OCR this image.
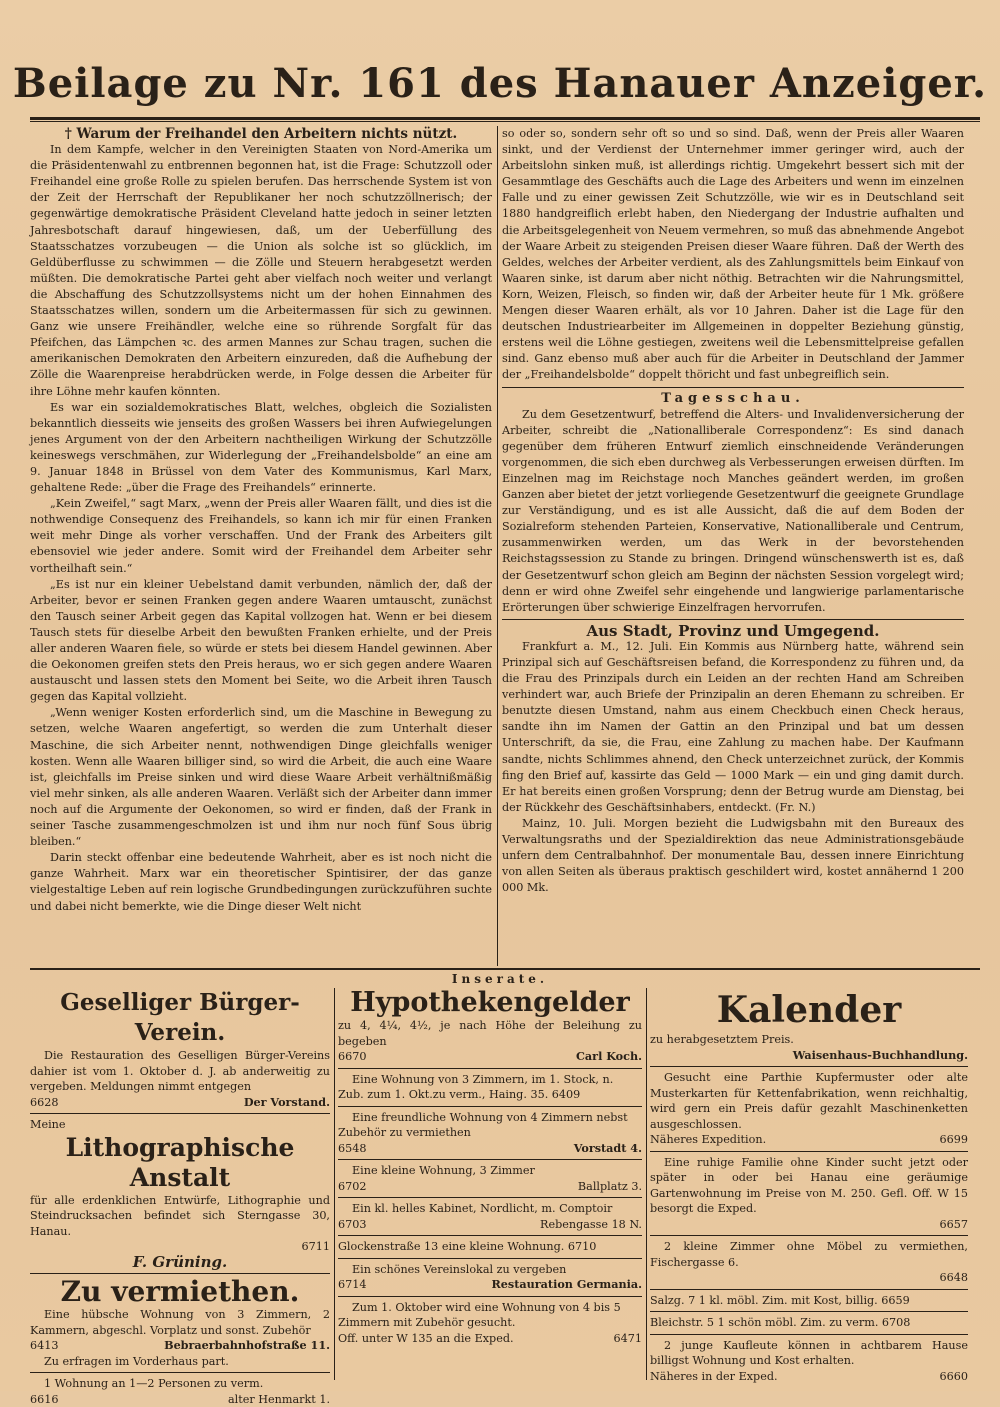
Beilage zu Nr. 161 des Hanauer Anzeiger.

† Warum der Freihandel den Arbeitern nichts nützt.

In dem Kampfe, welcher in den Vereinigten Staaten von Nord-Amerika um die Präsidentenwahl zu entbrennen begonnen hat, ist die Frage: Schutzzoll oder Freihandel eine große Rolle zu spielen berufen. Das herrschende System ist von der Zeit der Herrschaft der Republikaner her noch schutzzöllnerisch; der gegenwärtige demokratische Präsident Cleveland hatte jedoch in seiner letzten Jahresbotschaft darauf hingewiesen, daß, um der Ueberfüllung des Staatsschatzes vorzubeugen — die Union als solche ist so glücklich, im Geldüberflusse zu schwimmen — die Zölle und Steuern herabgesetzt werden müßten. Die demokratische Partei geht aber vielfach noch weiter und verlangt die Abschaffung des Schutzzollsystems nicht um der hohen Einnahmen des Staatsschatzes willen, sondern um die Arbeitermassen für sich zu gewinnen. Ganz wie unsere Freihändler, welche eine so rührende Sorgfalt für das Pfeifchen, das Lämpchen ꝛc. des armen Mannes zur Schau tragen, suchen die amerikanischen Demokraten den Arbeitern einzureden, daß die Aufhebung der Zölle die Waarenpreise herabdrücken werde, in Folge dessen die Arbeiter für ihre Löhne mehr kaufen könnten.

Es war ein sozialdemokratisches Blatt, welches, obgleich die Sozialisten bekanntlich diesseits wie jenseits des großen Wassers bei ihren Aufwiegelungen jenes Argument von der den Arbeitern nachtheiligen Wirkung der Schutzzölle keineswegs verschmähen, zur Widerlegung der „Freihandelsbolde“ an eine am 9. Januar 1848 in Brüssel von dem Vater des Kommunismus, Karl Marx, gehaltene Rede: „über die Frage des Freihandels“ erinnerte.

„Kein Zweifel,“ sagt Marx, „wenn der Preis aller Waaren fällt, und dies ist die nothwendige Consequenz des Freihandels, so kann ich mir für einen Franken weit mehr Dinge als vorher verschaffen. Und der Frank des Arbeiters gilt ebensoviel wie jeder andere. Somit wird der Freihandel dem Arbeiter sehr vortheilhaft sein.“

„Es ist nur ein kleiner Uebelstand damit verbunden, nämlich der, daß der Arbeiter, bevor er seinen Franken gegen andere Waaren umtauscht, zunächst den Tausch seiner Arbeit gegen das Kapital vollzogen hat. Wenn er bei diesem Tausch stets für dieselbe Arbeit den bewußten Franken erhielte, und der Preis aller anderen Waaren fiele, so würde er stets bei diesem Handel gewinnen. Aber die Oekonomen greifen stets den Preis heraus, wo er sich gegen andere Waaren austauscht und lassen stets den Moment bei Seite, wo die Arbeit ihren Tausch gegen das Kapital vollzieht.

„Wenn weniger Kosten erforderlich sind, um die Maschine in Bewegung zu setzen, welche Waaren angefertigt, so werden die zum Unterhalt dieser Maschine, die sich Arbeiter nennt, nothwendigen Dinge gleichfalls weniger kosten. Wenn alle Waaren billiger sind, so wird die Arbeit, die auch eine Waare ist, gleichfalls im Preise sinken und wird diese Waare Arbeit verhältnißmäßig viel mehr sinken, als alle anderen Waaren. Verläßt sich der Arbeiter dann immer noch auf die Argumente der Oekonomen, so wird er finden, daß der Frank in seiner Tasche zusammengeschmolzen ist und ihm nur noch fünf Sous übrig bleiben.“

Darin steckt offenbar eine bedeutende Wahrheit, aber es ist noch nicht die ganze Wahrheit. Marx war ein theoretischer Spintisirer, der das ganze vielgestaltige Leben auf rein logische Grundbedingungen zurückzuführen suchte und dabei nicht bemerkte, wie die Dinge dieser Welt nicht

so oder so, sondern sehr oft so und so sind. Daß, wenn der Preis aller Waaren sinkt, und der Verdienst der Unternehmer immer geringer wird, auch der Arbeitslohn sinken muß, ist allerdings richtig. Umgekehrt bessert sich mit der Gesammtlage des Geschäfts auch die Lage des Arbeiters und wenn im einzelnen Falle und zu einer gewissen Zeit Schutzzölle, wie wir es in Deutschland seit 1880 handgreiflich erlebt haben, den Niedergang der Industrie aufhalten und die Arbeitsgelegenheit von Neuem vermehren, so muß das abnehmende Angebot der Waare Arbeit zu steigenden Preisen dieser Waare führen. Daß der Werth des Geldes, welches der Arbeiter verdient, als des Zahlungsmittels beim Einkauf von Waaren sinke, ist darum aber nicht nöthig. Betrachten wir die Nahrungsmittel, Korn, Weizen, Fleisch, so finden wir, daß der Arbeiter heute für 1 Mk. größere Mengen dieser Waaren erhält, als vor 10 Jahren. Daher ist die Lage für den deutschen Industriearbeiter im Allgemeinen in doppelter Beziehung günstig, erstens weil die Löhne gestiegen, zweitens weil die Lebensmittelpreise gefallen sind. Ganz ebenso muß aber auch für die Arbeiter in Deutschland der Jammer der „Freihandelsbolde“ doppelt thöricht und fast unbegreiflich sein.

Tagesschau.

Zu dem Gesetzentwurf, betreffend die Alters- und Invalidenversicherung der Arbeiter, schreibt die „Nationalliberale Correspondenz“: Es sind danach gegenüber dem früheren Entwurf ziemlich einschneidende Veränderungen vorgenommen, die sich eben durchweg als Verbesserungen erweisen dürften. Im Einzelnen mag im Reichstage noch Manches geändert werden, im großen Ganzen aber bietet der jetzt vorliegende Gesetzentwurf die geeignete Grundlage zur Verständigung, und es ist alle Aussicht, daß die auf dem Boden der Sozialreform stehenden Parteien, Konservative, Nationalliberale und Centrum, zusammenwirken werden, um das Werk in der bevorstehenden Reichstagssession zu Stande zu bringen. Dringend wünschenswerth ist es, daß der Gesetzentwurf schon gleich am Beginn der nächsten Session vorgelegt wird; denn er wird ohne Zweifel sehr eingehende und langwierige parlamentarische Erörterungen über schwierige Einzelfragen hervorrufen.

Aus Stadt, Provinz und Umgegend.

Frankfurt a. M., 12. Juli. Ein Kommis aus Nürnberg hatte, während sein Prinzipal sich auf Geschäftsreisen befand, die Korrespondenz zu führen und, da die Frau des Prinzipals durch ein Leiden an der rechten Hand am Schreiben verhindert war, auch Briefe der Prinzipalin an deren Ehemann zu schreiben. Er benutzte diesen Umstand, nahm aus einem Checkbuch einen Check heraus, sandte ihn im Namen der Gattin an den Prinzipal und bat um dessen Unterschrift, da sie, die Frau, eine Zahlung zu machen habe. Der Kaufmann sandte, nichts Schlimmes ahnend, den Check unterzeichnet zurück, der Kommis fing den Brief auf, kassirte das Geld — 1000 Mark — ein und ging damit durch. Er hat bereits einen großen Vorsprung; denn der Betrug wurde am Dienstag, bei der Rückkehr des Geschäftsinhabers, entdeckt. (Fr. N.)

Mainz, 10. Juli. Morgen bezieht die Ludwigsbahn mit den Bureaux des Verwaltungsraths und der Spezialdirektion das neue Administrationsgebäude unfern dem Centralbahnhof. Der monumentale Bau, dessen innere Einrichtung von allen Seiten als überaus praktisch geschildert wird, kostet annähernd 1 200 000 Mk.

Inserate.
Geselliger Bürger-Verein.
Die Restauration des Geselligen Bürger-Vereins dahier ist vom 1. Oktober d. J. ab anderweitig zu vergeben. Meldungen nimmt entgegen
6628	Der Vorstand.
Meine
Lithographische Anstalt
für alle erdenklichen Entwürfe, Lithographie und Steindrucksachen befindet sich Sterngasse 30, Hanau.
6711
F. Grüning.
Zu vermiethen.
Eine hübsche Wohnung von 3 Zimmern, 2 Kammern, abgeschl. Vorplatz und sonst. Zubehör
6413	Bebraerbahnhofstraße 11.
Zu erfragen im Vorderhaus part.
1 Wohnung an 1—2 Personen zu verm.
6616	alter Henmarkt 1.
Hypothekengelder
zu 4, 4¼, 4½, je nach Höhe der Beleihung zu begeben
6670	Carl Koch.
Eine Wohnung von 3 Zimmern, im 1. Stock, n. Zub. zum 1. Okt.zu verm., Haing. 35. 6409
Eine freundliche Wohnung von 4 Zimmern nebst Zubehör zu vermiethen
6548	Vorstadt 4.
Eine kleine Wohnung, 3 Zimmer
6702	Ballplatz 3.
Ein kl. helles Kabinet, Nordlicht, m. Comptoir
6703	Rebengasse 18 N.
Glockenstraße 13 eine kleine Wohnung. 6710
Ein schönes Vereinslokal zu vergeben
6714	Restauration Germania.
Zum 1. Oktober wird eine Wohnung von 4 bis 5 Zimmern mit Zubehör gesucht.
Off. unter W 135 an die Exped.	6471
Kalender
zu herabgesetztem Preis.
Waisenhaus-Buchhandlung.
Gesucht eine Parthie Kupfermuster oder alte Musterkarten für Kettenfabrikation, wenn reichhaltig, wird gern ein Preis dafür gezahlt Maschinenketten ausgeschlossen.
Näheres Expedition.	6699
Eine ruhige Familie ohne Kinder sucht jetzt oder später in oder bei Hanau eine geräumige Gartenwohnung im Preise von M. 250. Gefl. Off. W 15 besorgt die Exped.
6657
2 kleine Zimmer ohne Möbel zu vermiethen, Fischergasse 6.
6648
Salzg. 7 1 kl. möbl. Zim. mit Kost, billig. 6659
Bleichstr. 5 1 schön möbl. Zim. zu verm. 6708
2 junge Kaufleute können in achtbarem Hause billigst Wohnung und Kost erhalten.
Näheres in der Exped.	6660
